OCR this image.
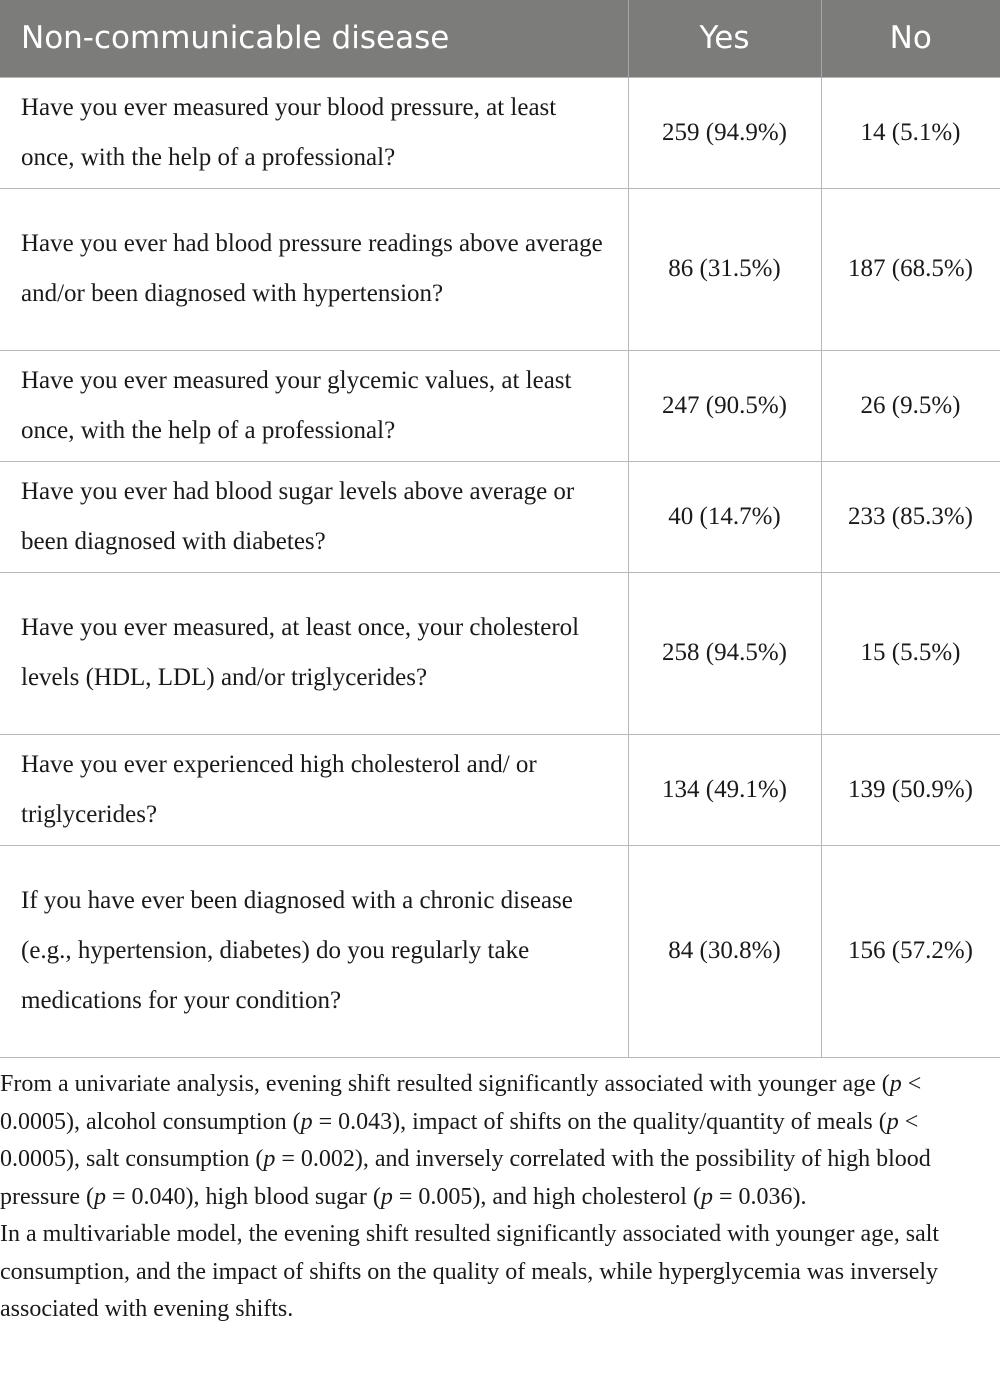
Non-communicable disease	Yes	No
Have you ever measured your blood pressure, at least once, with the help of a professional?	259 (94.9%)	14 (5.1%)
Have you ever had blood pressure readings above average and/or been diagnosed with hypertension?	86 (31.5%)	187 (68.5%)
Have you ever measured your glycemic values, at least once, with the help of a professional?	247 (90.5%)	26 (9.5%)
Have you ever had blood sugar levels above average or been diagnosed with diabetes?	40 (14.7%)	233 (85.3%)
Have you ever measured, at least once, your cholesterol levels (HDL, LDL) and/or triglycerides?	258 (94.5%)	15 (5.5%)
Have you ever experienced high cholesterol and/ or triglycerides?	134 (49.1%)	139 (50.9%)
If you have ever been diagnosed with a chronic disease (e.g., hypertension, diabetes) do you regularly take medications for your condition?	84 (30.8%)	156 (57.2%)

From a univariate analysis, evening shift resulted significantly associated with younger age (p < 0.0005), alcohol consumption (p = 0.043), impact of shifts on the quality/quantity of meals (p < 0.0005), salt consumption (p = 0.002), and inversely correlated with the possibility of high blood pressure (p = 0.040), high blood sugar (p = 0.005), and high cholesterol (p = 0.036).

In a multivariable model, the evening shift resulted significantly associated with younger age, salt consumption, and the impact of shifts on the quality of meals, while hyperglycemia was inversely associated with evening shifts.
